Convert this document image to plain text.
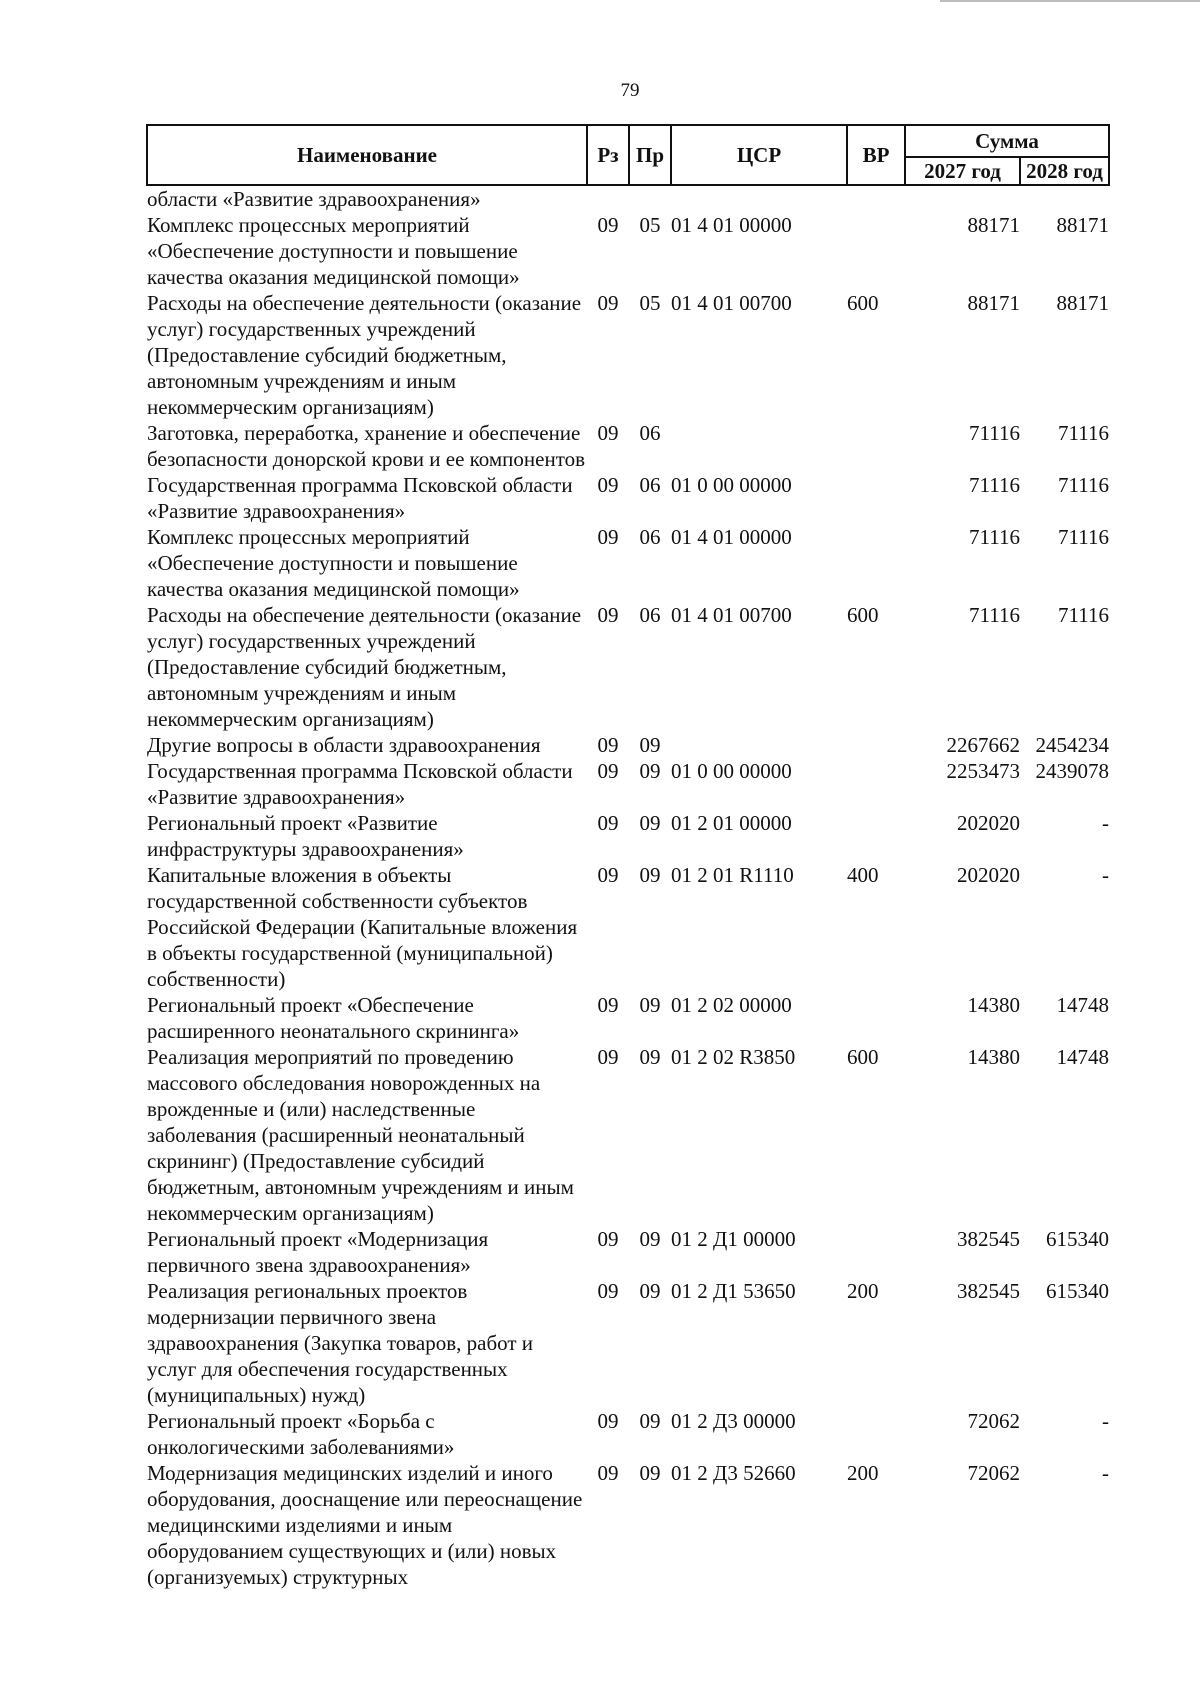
79
Наименование	Рз	Пр	ЦСР	ВР	Сумма	
					2027 год	2028 год
области «Развитие здравоохранения»						
Комплекс процессных мероприятий «Обеспечение доступности и повышение качества оказания медицинской помощи»	09	05	01 4 01 00000		88171	88171
Расходы на обеспечение деятельности (оказание услуг) государственных учреждений (Предоставление субсидий бюджетным, автономным учреждениям и иным некоммерческим организациям)	09	05	01 4 01 00700	600	88171	88171
Заготовка, переработка, хранение и обеспечение безопасности донорской крови и ее компонентов	09	06			71116	71116
Государственная программа Псковской области «Развитие здравоохранения»	09	06	01 0 00 00000		71116	71116
Комплекс процессных мероприятий «Обеспечение доступности и повышение качества оказания медицинской помощи»	09	06	01 4 01 00000		71116	71116
Расходы на обеспечение деятельности (оказание услуг) государственных учреждений (Предоставление субсидий бюджетным, автономным учреждениям и иным некоммерческим организациям)	09	06	01 4 01 00700	600	71116	71116
Другие вопросы в области здравоохранения	09	09			2267662	2454234
Государственная программа Псковской области «Развитие здравоохранения»	09	09	01 0 00 00000		2253473	2439078
Региональный проект «Развитие инфраструктуры здравоохранения»	09	09	01 2 01 00000		202020	-
Капитальные вложения в объекты государственной собственности субъектов Российской Федерации (Капитальные вложения в объекты государственной (муниципальной) собственности)	09	09	01 2 01 R1110	400	202020	-
Региональный проект «Обеспечение расширенного неонатального скрининга»	09	09	01 2 02 00000		14380	14748
Реализация мероприятий по проведению массового обследования новорожденных на врожденные и (или) наследственные заболевания (расширенный неонатальный скрининг) (Предоставление субсидий бюджетным, автономным учреждениям и иным некоммерческим организациям)	09	09	01 2 02 R3850	600	14380	14748
Региональный проект «Модернизация первичного звена здравоохранения»	09	09	01 2 Д1 00000		382545	615340
Реализация региональных проектов модернизации первичного звена здравоохранения (Закупка товаров, работ и услуг для обеспечения государственных (муниципальных) нужд)	09	09	01 2 Д1 53650	200	382545	615340
Региональный проект «Борьба с онкологическими заболеваниями»	09	09	01 2 Д3 00000		72062	-
Модернизация медицинских изделий и иного оборудования, дооснащение или переоснащение медицинскими изделиями и иным оборудованием существующих и (или) новых (организуемых) структурных	09	09	01 2 Д3 52660	200	72062	-
